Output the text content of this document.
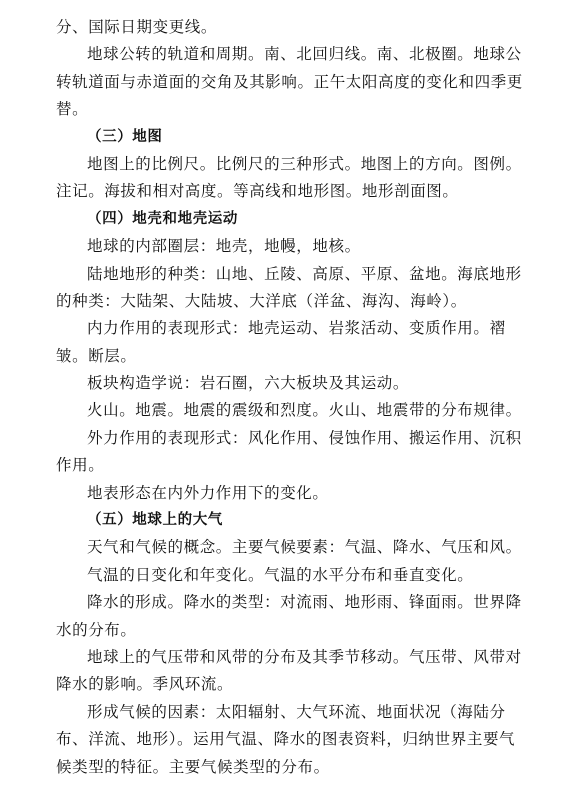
分、国际日期变更线。
地球公转的轨道和周期。南、北回归线。南、北极圈。地球公
转轨道面与赤道面的交角及其影响。正午太阳高度的变化和四季更
替。
（三）地图
地图上的比例尺。比例尺的三种形式。地图上的方向。图例。
注记。海拔和相对高度。等高线和地形图。地形剖面图。
（四）地壳和地壳运动
地球的内部圈层：地壳，地幔，地核。
陆地地形的种类：山地、丘陵、高原、平原、盆地。海底地形
的种类：大陆架、大陆坡、大洋底（洋盆、海沟、海岭）。
内力作用的表现形式：地壳运动、岩浆活动、变质作用。褶
皱。断层。
板块构造学说：岩石圈，六大板块及其运动。
火山。地震。地震的震级和烈度。火山、地震带的分布规律。
外力作用的表现形式：风化作用、侵蚀作用、搬运作用、沉积
作用。
地表形态在内外力作用下的变化。
（五）地球上的大气
天气和气候的概念。主要气候要素：气温、降水、气压和风。
气温的日变化和年变化。气温的水平分布和垂直变化。
降水的形成。降水的类型：对流雨、地形雨、锋面雨。世界降
水的分布。
地球上的气压带和风带的分布及其季节移动。气压带、风带对
降水的影响。季风环流。
形成气候的因素：太阳辐射、大气环流、地面状况（海陆分
布、洋流、地形）。运用气温、降水的图表资料，归纳世界主要气
候类型的特征。主要气候类型的分布。
